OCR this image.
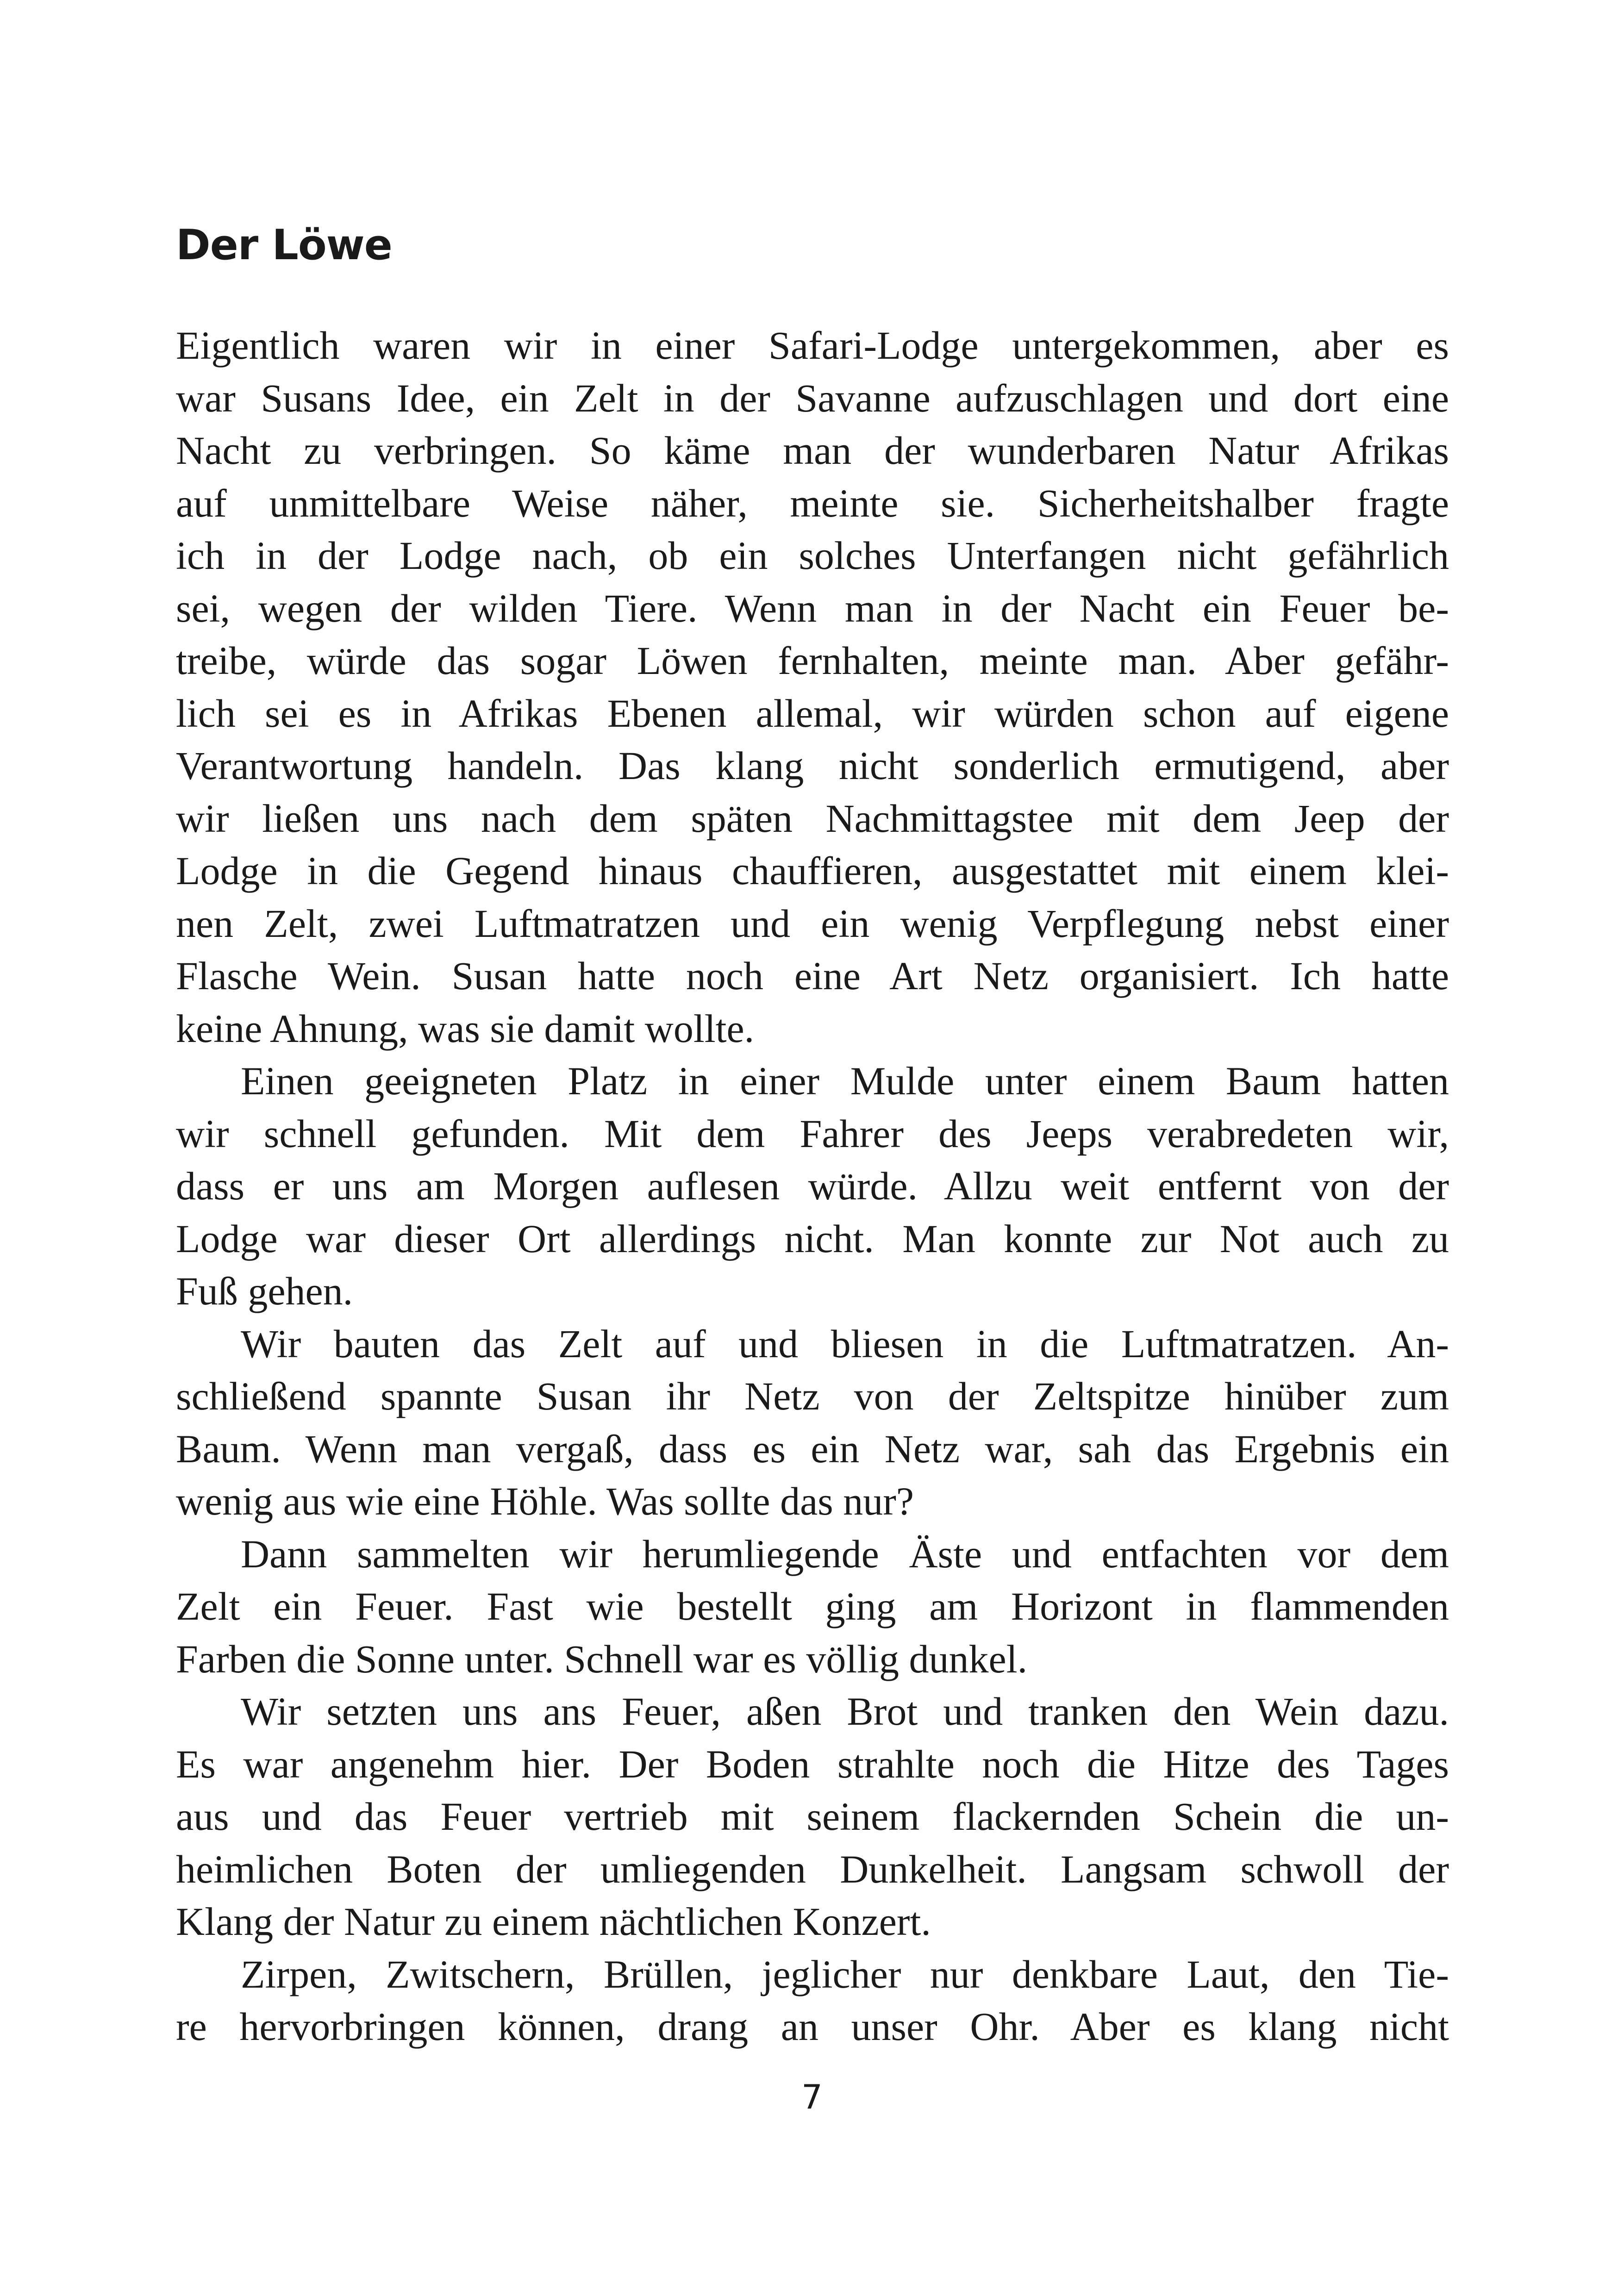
Der Löwe
Eigentlich waren wir in einer Safari-Lodge untergekommen, aber es
war Susans Idee, ein Zelt in der Savanne aufzuschlagen und dort eine
Nacht zu verbringen. So käme man der wunderbaren Natur Afrikas
auf unmittelbare Weise näher, meinte sie. Sicherheitshalber fragte
ich in der Lodge nach, ob ein solches Unterfangen nicht gefährlich
sei, wegen der wilden Tiere. Wenn man in der Nacht ein Feuer be-
treibe, würde das sogar Löwen fernhalten, meinte man. Aber gefähr-
lich sei es in Afrikas Ebenen allemal, wir würden schon auf eigene
Verantwortung handeln. Das klang nicht sonderlich ermutigend, aber
wir ließen uns nach dem späten Nachmittagstee mit dem Jeep der
Lodge in die Gegend hinaus chauffieren, ausgestattet mit einem klei-
nen Zelt, zwei Luftmatratzen und ein wenig Verpflegung nebst einer
Flasche Wein. Susan hatte noch eine Art Netz organisiert. Ich hatte
keine Ahnung, was sie damit wollte.
Einen geeigneten Platz in einer Mulde unter einem Baum hatten
wir schnell gefunden. Mit dem Fahrer des Jeeps verabredeten wir,
dass er uns am Morgen auflesen würde. Allzu weit entfernt von der
Lodge war dieser Ort allerdings nicht. Man konnte zur Not auch zu
Fuß gehen.
Wir bauten das Zelt auf und bliesen in die Luftmatratzen. An-
schließend spannte Susan ihr Netz von der Zeltspitze hinüber zum
Baum. Wenn man vergaß, dass es ein Netz war, sah das Ergebnis ein
wenig aus wie eine Höhle. Was sollte das nur?
Dann sammelten wir herumliegende Äste und entfachten vor dem
Zelt ein Feuer. Fast wie bestellt ging am Horizont in flammenden
Farben die Sonne unter. Schnell war es völlig dunkel.
Wir setzten uns ans Feuer, aßen Brot und tranken den Wein dazu.
Es war angenehm hier. Der Boden strahlte noch die Hitze des Tages
aus und das Feuer vertrieb mit seinem flackernden Schein die un-
heimlichen Boten der umliegenden Dunkelheit. Langsam schwoll der
Klang der Natur zu einem nächtlichen Konzert.
Zirpen, Zwitschern, Brüllen, jeglicher nur denkbare Laut, den Tie-
re hervorbringen können, drang an unser Ohr. Aber es klang nicht
7
